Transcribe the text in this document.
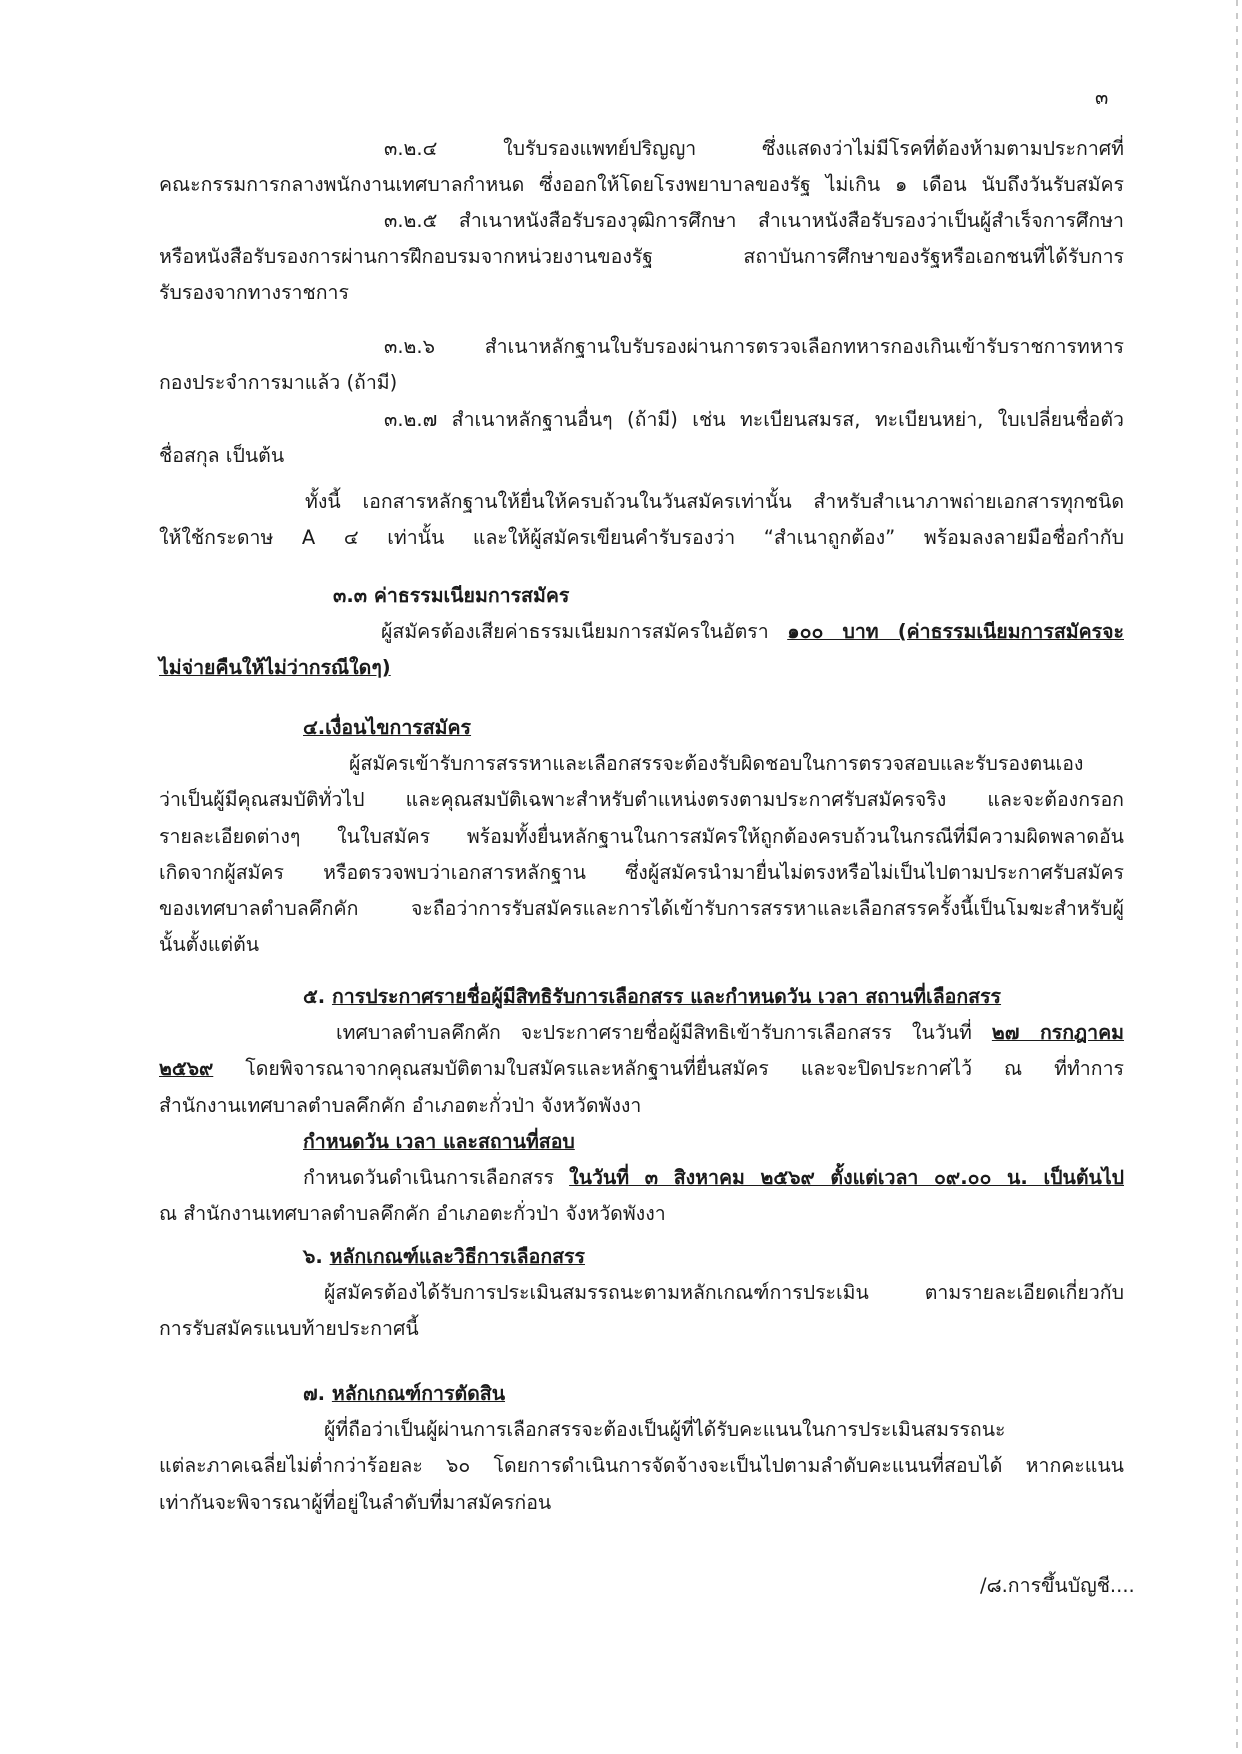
๓
๓.๒.๔ ใบรับรองแพทย์ปริญญา ซึ่งแสดงว่าไม่มีโรคที่ต้องห้ามตามประกาศที่
คณะกรรมการกลางพนักงานเทศบาลกำหนด ซึ่งออกให้โดยโรงพยาบาลของรัฐ ไม่เกิน ๑ เดือน นับถึงวันรับสมัคร
๓.๒.๕ สำเนาหนังสือรับรองวุฒิการศึกษา สำเนาหนังสือรับรองว่าเป็นผู้สำเร็จการศึกษา
หรือหนังสือรับรองการผ่านการฝึกอบรมจากหน่วยงานของรัฐ สถาบันการศึกษาของรัฐหรือเอกชนที่ได้รับการ
รับรองจากทางราชการ
๓.๒.๖ สำเนาหลักฐานใบรับรองผ่านการตรวจเลือกทหารกองเกินเข้ารับราชการทหาร
กองประจำการมาแล้ว (ถ้ามี)
๓.๒.๗ สำเนาหลักฐานอื่นๆ (ถ้ามี) เช่น ทะเบียนสมรส, ทะเบียนหย่า, ใบเปลี่ยนชื่อตัว
ชื่อสกุล เป็นต้น
ทั้งนี้ เอกสารหลักฐานให้ยื่นให้ครบถ้วนในวันสมัครเท่านั้น สำหรับสำเนาภาพถ่ายเอกสารทุกชนิด
ให้ใช้กระดาษ A ๔ เท่านั้น และให้ผู้สมัครเขียนคำรับรองว่า “สำเนาถูกต้อง” พร้อมลงลายมือชื่อกำกับ
๓.๓ ค่าธรรมเนียมการสมัคร
ผู้สมัครต้องเสียค่าธรรมเนียมการสมัครในอัตรา ๑๐๐ บาท (ค่าธรรมเนียมการสมัครจะ
ไม่จ่ายคืนให้ไม่ว่ากรณีใดๆ)
๔.เงื่อนไขการสมัคร
ผู้สมัครเข้ารับการสรรหาและเลือกสรรจะต้องรับผิดชอบในการตรวจสอบและรับรองตนเอง
ว่าเป็นผู้มีคุณสมบัติทั่วไป และคุณสมบัติเฉพาะสำหรับตำแหน่งตรงตามประกาศรับสมัครจริง และจะต้องกรอก
รายละเอียดต่างๆ ในใบสมัคร พร้อมทั้งยื่นหลักฐานในการสมัครให้ถูกต้องครบถ้วนในกรณีที่มีความผิดพลาดอัน
เกิดจากผู้สมัคร หรือตรวจพบว่าเอกสารหลักฐาน ซึ่งผู้สมัครนำมายื่นไม่ตรงหรือไม่เป็นไปตามประกาศรับสมัคร
ของเทศบาลตำบลคึกคัก จะถือว่าการรับสมัครและการได้เข้ารับการสรรหาและเลือกสรรครั้งนี้เป็นโมฆะสำหรับผู้
นั้นตั้งแต่ต้น
๕. การประกาศรายชื่อผู้มีสิทธิรับการเลือกสรร และกำหนดวัน เวลา สถานที่เลือกสรร
เทศบาลตำบลคึกคัก จะประกาศรายชื่อผู้มีสิทธิเข้ารับการเลือกสรร ในวันที่ ๒๗ กรกฎาคม
๒๕๖๙ โดยพิจารณาจากคุณสมบัติตามใบสมัครและหลักฐานที่ยื่นสมัคร และจะปิดประกาศไว้ ณ ที่ทำการ
สำนักงานเทศบาลตำบลคึกคัก อำเภอตะกั่วป่า จังหวัดพังงา
กำหนดวัน เวลา และสถานที่สอบ
กำหนดวันดำเนินการเลือกสรร ในวันที่ ๓ สิงหาคม ๒๕๖๙ ตั้งแต่เวลา ๐๙.๐๐ น. เป็นต้นไป
ณ สำนักงานเทศบาลตำบลคึกคัก อำเภอตะกั่วป่า จังหวัดพังงา
๖. หลักเกณฑ์และวิธีการเลือกสรร
ผู้สมัครต้องได้รับการประเมินสมรรถนะตามหลักเกณฑ์การประเมิน ตามรายละเอียดเกี่ยวกับ
การรับสมัครแนบท้ายประกาศนี้
๗. หลักเกณฑ์การตัดสิน
ผู้ที่ถือว่าเป็นผู้ผ่านการเลือกสรรจะต้องเป็นผู้ที่ได้รับคะแนนในการประเมินสมรรถนะ
แต่ละภาคเฉลี่ยไม่ต่ำกว่าร้อยละ ๖๐ โดยการดำเนินการจัดจ้างจะเป็นไปตามลำดับคะแนนที่สอบได้ หากคะแนน
เท่ากันจะพิจารณาผู้ที่อยู่ในลำดับที่มาสมัครก่อน
/๘.การขึ้นบัญชี....
